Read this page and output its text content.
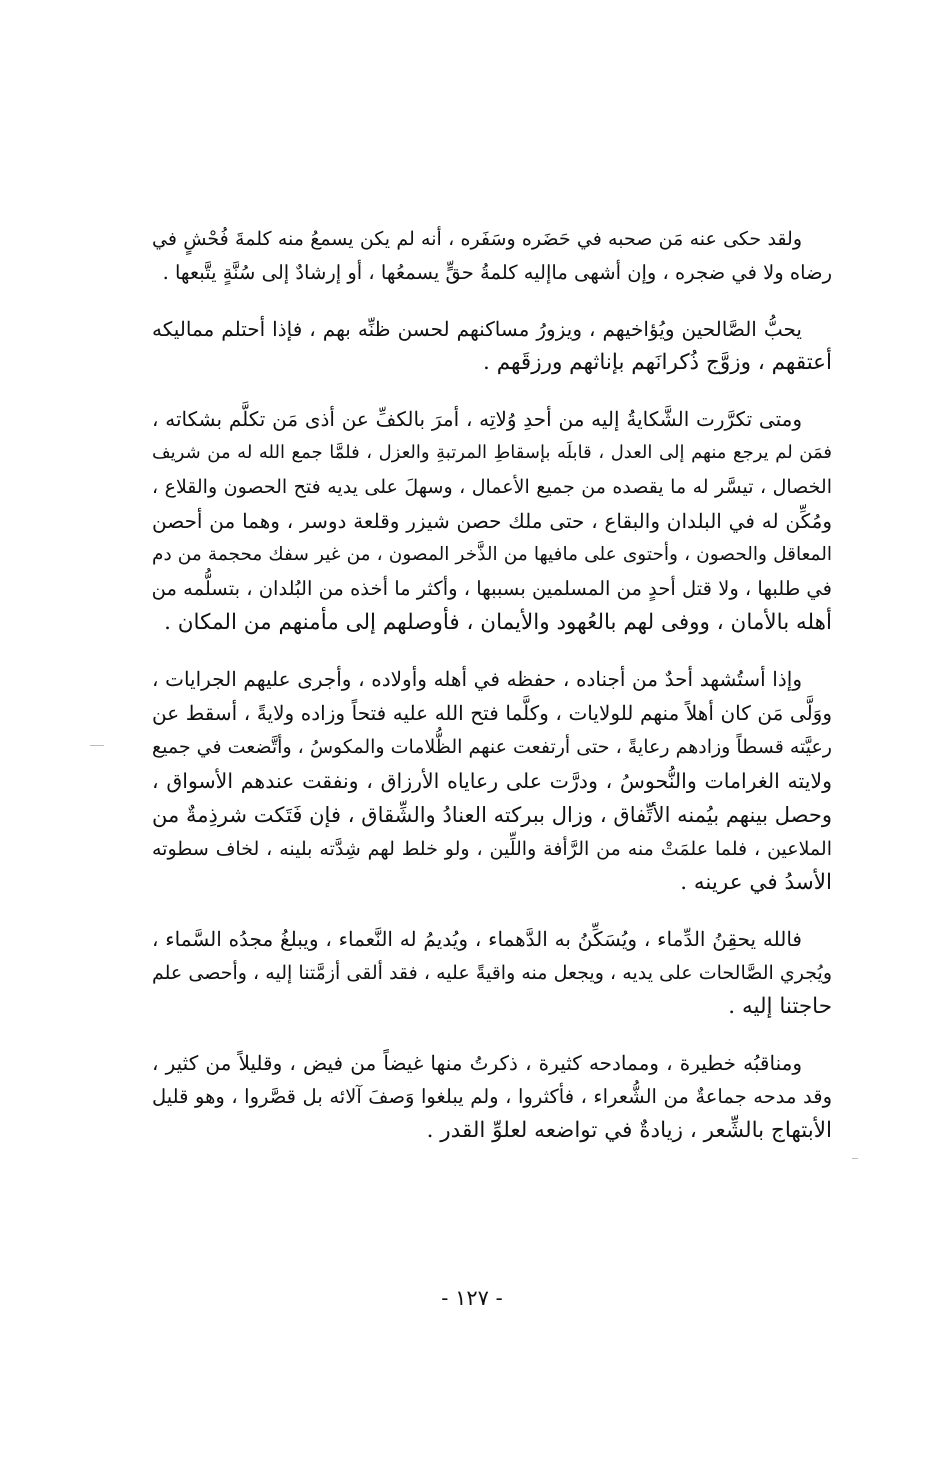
ولقد حكى عنه مَن صحبه في حَضَره وسَفَره ، أنه لم يكن يسمعُ منه كلمةَ فُحْشٍ في
رضاه ولا في ضجره ، وإن أشهى ماإليه كلمةُ حقٍّ يسمعُها ، أو إرشادٌ إلى سُنَّةٍ يتَّبعها .
يحبُّ الصَّالحين ويُؤاخيهم ، ويزورُ مساكنهم لحسن ظنِّه بهم ، فإذا أحتلم مماليكه
أعتقهم ، وزوَّج ذُكرانَهم بإناثهم ورزقَهم .
ومتى تكرَّرت الشَّكايةُ إليه من أحدِ وُلاتِه ، أمرَ بالكفِّ عن أذى مَن تكلَّم بشكاته ،
فمَن لم يرجع منهم إلى العدل ، قابلَه بإسقاطِ المرتبةِ والعزل ، فلمَّا جمع الله له من شريف
الخصال ، تيسَّر له ما يقصده من جميع الأعمال ، وسهلَ على يديه فتح الحصون والقلاع ،
ومُكِّن له في البلدان والبقاع ، حتى ملك حصن شيزر وقلعة دوسر ، وهما من أحصن
المعاقل والحصون ، وأحتوى على مافيها من الذَّخر المصون ، من غير سفك محجمة من دم
في طلبها ، ولا قتل أحدٍ من المسلمين بسببها ، وأكثر ما أخذه من البُلدان ، بتسلُّمه من
أهله بالأمان ، ووفى لهم بالعُهود والأيمان ، فأوصلهم إلى مأمنهم من المكان .
وإذا أستُشهد أحدٌ من أجناده ، حفظه في أهله وأولاده ، وأجرى عليهم الجرايات ،
ووَلَّى مَن كان أهلاً منهم للولايات ، وكلَّما فتح الله عليه فتحاً وزاده ولايةً ، أسقط عن
رعيَّته قسطاً وزادهم رعايةً ، حتى أرتفعت عنهم الظُّلامات والمكوسُ ، وأتَّضعت في جميع
ولايته الغرامات والنُّحوسُ ، ودرَّت على رعاياه الأرزاق ، ونفقت عندهم الأسواق ،
وحصل بينهم بيُمنه الأتِّفاق ، وزال ببركته العنادُ والشِّقاق ، فإن فَتَكت شرذِمةٌ من
الملاعين ، فلما علمَتْ منه من الرَّأفة واللِّين ، ولو خلط لهم شِدَّته بلينه ، لخاف سطوته
الأسدُ في عرينه .
فالله يحقِنُ الدِّماء ، ويُسَكِّنُ به الدَّهماء ، ويُديمُ له النَّعماء ، ويبلغُ مجدُه السَّماء ،
ويُجري الصَّالحات على يديه ، ويجعل منه واقيةً عليه ، فقد ألقى أزمَّتنا إليه ، وأحصى علم
حاجتنا إليه .
ومناقبُه خطيرة ، وممادحه كثيرة ، ذكرتُ منها غيضاً من فيض ، وقليلاً من كثير ،
وقد مدحه جماعةٌ من الشُّعراء ، فأكثروا ، ولم يبلغوا وَصفَ آلائه بل قصَّروا ، وهو قليل
الأبتهاج بالشِّعر ، زيادةٌ في تواضعه لعلوِّ القدر .
- ١٢٧ -
